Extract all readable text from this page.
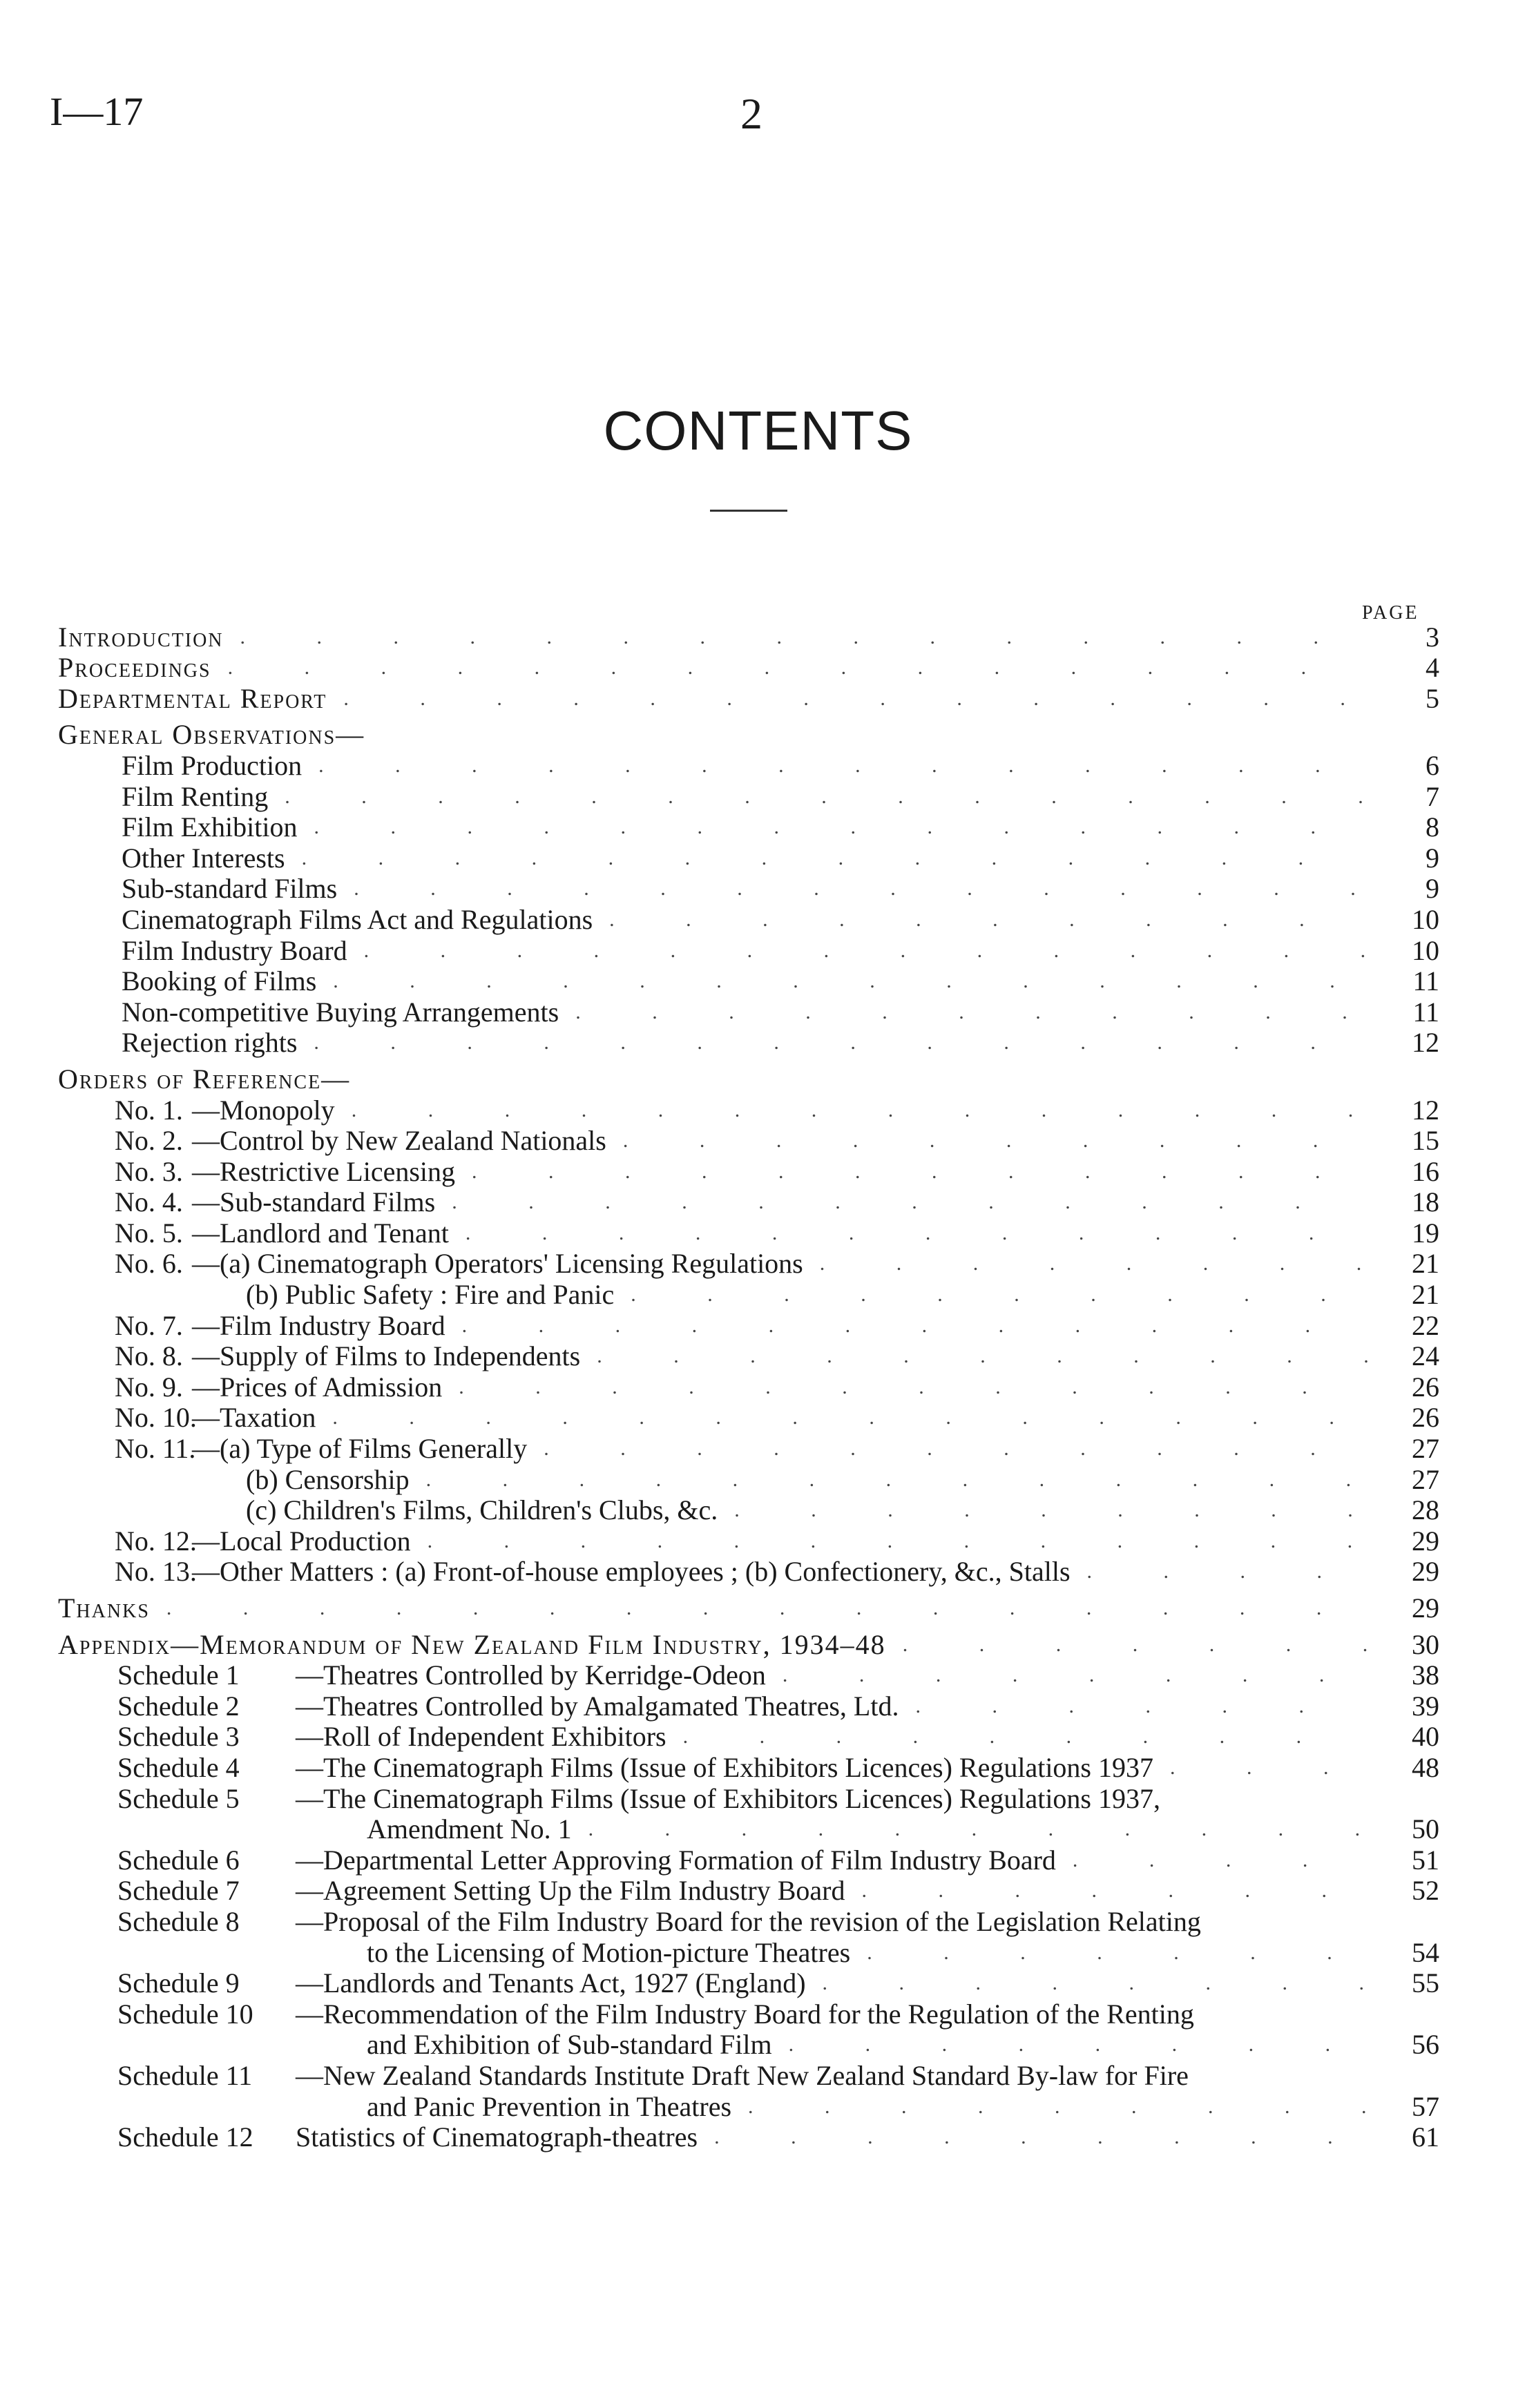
I—17	2
CONTENTS
PAGE
Introduction . . .	3
Proceedings . . .	4
Departmental Report . . .	5
General Observations—
Film Production . . .	6
Film Renting . . .	7
Film Exhibition . . .	8
Other Interests . . .	9
Sub-standard Films . . .	9
Cinematograph Films Act and Regulations . . .	10
Film Industry Board . . .	10
Booking of Films . . .	11
Non-competitive Buying Arrangements . . .	11
Rejection rights . . .	12
Orders of Reference—
No. 1. —Monopoly . . .	12
No. 2. —Control by New Zealand Nationals . . .	15
No. 3. —Restrictive Licensing . . .	16
No. 4. —Sub-standard Films . . .	18
No. 5. —Landlord and Tenant . . .	19
No. 6. —(a) Cinematograph Operators' Licensing Regulations . . .	21
(b) Public Safety : Fire and Panic . . .	21
No. 7. —Film Industry Board . . .	22
No. 8. —Supply of Films to Independents . . .	24
No. 9. —Prices of Admission . . .	26
No. 10.—Taxation . . .	26
No. 11.—(a) Type of Films Generally . . .	27
(b) Censorship . . .	27
(c) Children's Films, Children's Clubs, &c. . . .	28
No. 12.—Local Production . . .	29
No. 13.—Other Matters : (a) Front-of-house employees ; (b) Confectionery, &c., Stalls . . .	29
Thanks . . .	29
Appendix—Memorandum of New Zealand Film Industry, 1934–48 . . .	30
Schedule 1 —Theatres Controlled by Kerridge-Odeon . . .	38
Schedule 2 —Theatres Controlled by Amalgamated Theatres, Ltd. . . .	39
Schedule 3 —Roll of Independent Exhibitors . . .	40
Schedule 4 —The Cinematograph Films (Issue of Exhibitors Licences) Regulations 1937 . . .	48
Schedule 5 —The Cinematograph Films (Issue of Exhibitors Licences) Regulations 1937,
Amendment No. 1 . . .	50
Schedule 6 —Departmental Letter Approving Formation of Film Industry Board . . .	51
Schedule 7 —Agreement Setting Up the Film Industry Board . . .	52
Schedule 8 —Proposal of the Film Industry Board for the revision of the Legislation Relating
to the Licensing of Motion-picture Theatres . . .	54
Schedule 9 —Landlords and Tenants Act, 1927 (England) . . .	55
Schedule 10 —Recommendation of the Film Industry Board for the Regulation of the Renting
and Exhibition of Sub-standard Film . . .	56
Schedule 11 —New Zealand Standards Institute Draft New Zealand Standard By-law for Fire
and Panic Prevention in Theatres . . .	57
Schedule 12 Statistics of Cinematograph-theatres . . .	61
